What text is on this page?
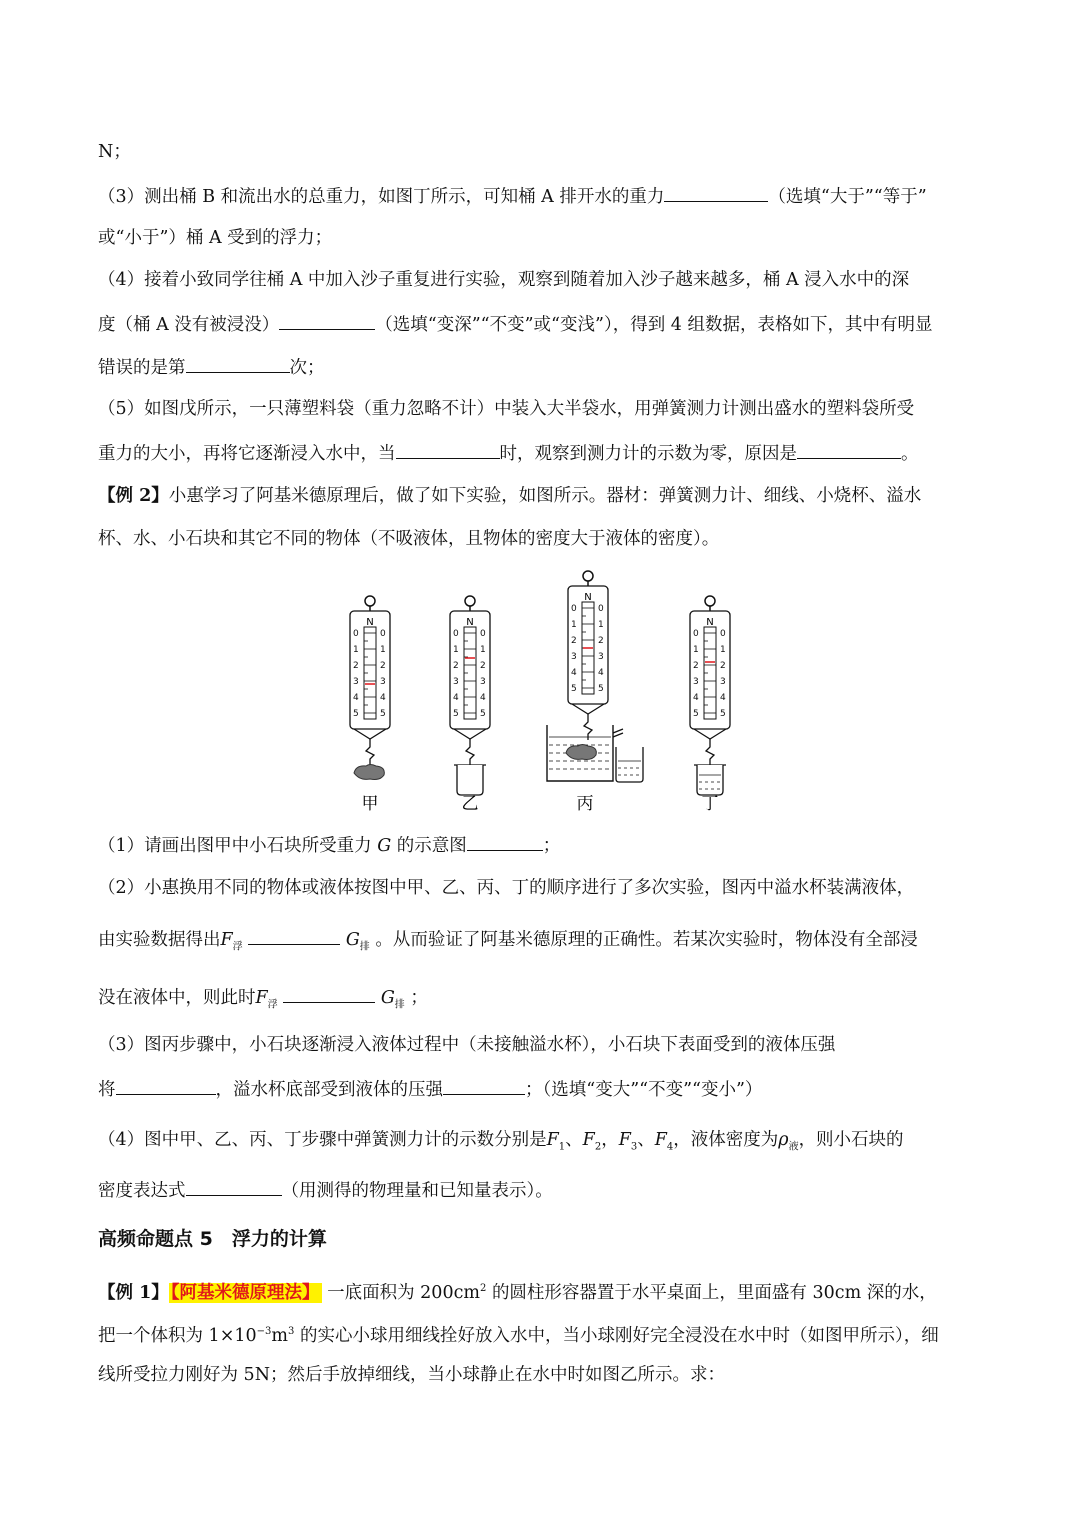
N；
（3）测出桶 B 和流出水的总重力，如图丁所示，可知桶 A 排开水的重力	（选填“大于”“等于”
或“小于”）桶 A 受到的浮力；
（4）接着小致同学往桶 A 中加入沙子重复进行实验，观察到随着加入沙子越来越多，桶 A 浸入水中的深
度（桶 A 没有被浸没）	（选填“变深”“不变”或“变浅”），得到 4 组数据，表格如下，其中有明显
错误的是第	次；
（5）如图戊所示，一只薄塑料袋（重力忽略不计）中装入大半袋水，用弹簧测力计测出盛水的塑料袋所受
重力的大小，再将它逐渐浸入水中，当	时，观察到测力计的示数为零，原因是	。
【例 2】小惠学习了阿基米德原理后，做了如下实验，如图所示。器材：弹簧测力计、细线、小烧杯、溢水
杯、水、小石块和其它不同的物体（不吸液体，且物体的密度大于液体的密度）。
N
0
1
2
3
4
5
0
1
2
3
4
5
N
0
1
2
3
4
5
0
1
2
3
4
5
N
0
1
2
3
4
5
0
1
2
3
4
5
N
0
1
2
3
4
5
0
1
2
3
4
5
甲	乙	丙	丁
（1）请画出图甲中小石块所受重力 G 的示意图	；
（2）小惠换用不同的物体或液体按图中甲、乙、丙、丁的顺序进行了多次实验，图丙中溢水杯装满液体，
由实验数据得出$F_浮$	$G_排$ 。从而验证了阿基米德原理的正确性。若某次实验时，物体没有全部浸
没在液体中，则此时$F_浮$	$G_排$ ；
（3）图丙步骤中，小石块逐渐浸入液体过程中（未接触溢水杯），小石块下表面受到的液体压强
将	，溢水杯底部受到液体的压强	；（选填“变大”“不变”“变小”）
（4）图中甲、乙、丙、丁步骤中弹簧测力计的示数分别是$F_1$、$F_2$，$F_3$、$F_4$，液体密度为$\rho_液$，则小石块的
密度表达式	（用测得的物理量和已知量表示）。
高频命题点 5　浮力的计算
【例 1】 【阿基米德原理法】 一底面积为 $200cm^2$ 的圆柱形容器置于水平桌面上，里面盛有 30cm 深的水，
把一个体积为 $1\times 10^{-3}m^3$ 的实心小球用细线拴好放入水中，当小球刚好完全浸没在水中时（如图甲所示），细
线所受拉力刚好为 5N；然后手放掉细线，当小球静止在水中时如图乙所示。求：
